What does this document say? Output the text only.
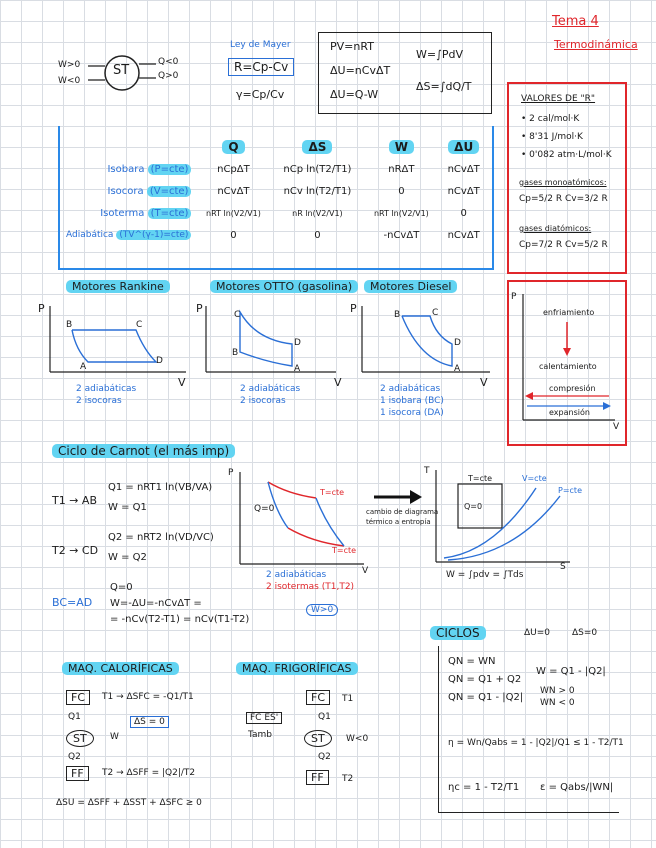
Tema 4
Termodinámica
ST
W>0
W<0
Q<0
Q>0
Ley de Mayer
R=Cp-Cv
γ=Cp/Cv
PV=nRT
ΔU=nCvΔT
ΔU=Q-W
W=∫PdV
ΔS=∫dQ/T
VALORES DE "R"
• 2 cal/mol·K
• 8'31 J/mol·K
• 0'082 atm·L/mol·K
gases monoatómicos:
Cp=5/2 R Cv=3/2 R
gases diatómicos:
Cp=7/2 R Cv=5/2 R
	Q	ΔS	W	ΔU
Isobara (P=cte)	nCpΔT	nCp ln(T2/T1)	nRΔT	nCvΔT
Isocora (V=cte)	nCvΔT	nCv ln(T2/T1)	0	nCvΔT
Isoterma (T=cte)	nRT ln(V2/V1)	nR ln(V2/V1)	nRT ln(V2/V1)	0
Adiabática (TV^(γ-1)=cte)	0	0	-nCvΔT	nCvΔT
Motores Rankine
P
V
B	C
A
D
2 adiabáticas
2 isocoras
Motores OTTO (gasolina)
P
V
C
D
B
A
2 adiabáticas
2 isocoras
Motores Diesel
P
V
B	C
D
A
2 adiabáticas
1 isobara (BC)
1 isocora (DA)
P
V
enfriamiento
calentamiento
compresión
expansión
Ciclo de Carnot (el más imp)
T1 → AB
Q1 = nRT1 ln(VB/VA)
W = Q1
T2 → CD
Q2 = nRT2 ln(VD/VC)
W = Q2
BC=AD
Q=0
W=-ΔU=-nCvΔT =
= -nCv(T2-T1) = nCv(T1-T2)
P
Q=0
T=cte
T=cte
2 adiabáticas
2 isotermas (T1,T2)
V
W>0
cambio de diagrama
térmico a entropía
T
T=cte
Q=0
V=cte
P=cte
S
W = ∫pdv = ∫Tds
CICLOS	ΔU=0 ΔS=0
QN = WN
QN = Q1 + Q2
QN = Q1 - |Q2|
W = Q1 - |Q2|
WN > 0
WN < 0
η = Wn/Qabs = 1 - |Q2|/Q1 ≤ 1 - T2/T1
ηc = 1 - T2/T1 ε = Qabs/|WN|
MAQ. CALORÍFICAS
FC	T1 → ΔSFC = -Q1/T1
Q1
ST	W
ΔS = 0
Q2
FF	T2 → ΔSFF = |Q2|/T2
ΔSU = ΔSFF + ΔSST + ΔSFC ≥ 0
MAQ. FRIGORÍFICAS
FC ES'
Tamb
FC	T1
Q1
ST	W<0
Q2
FF	T2
